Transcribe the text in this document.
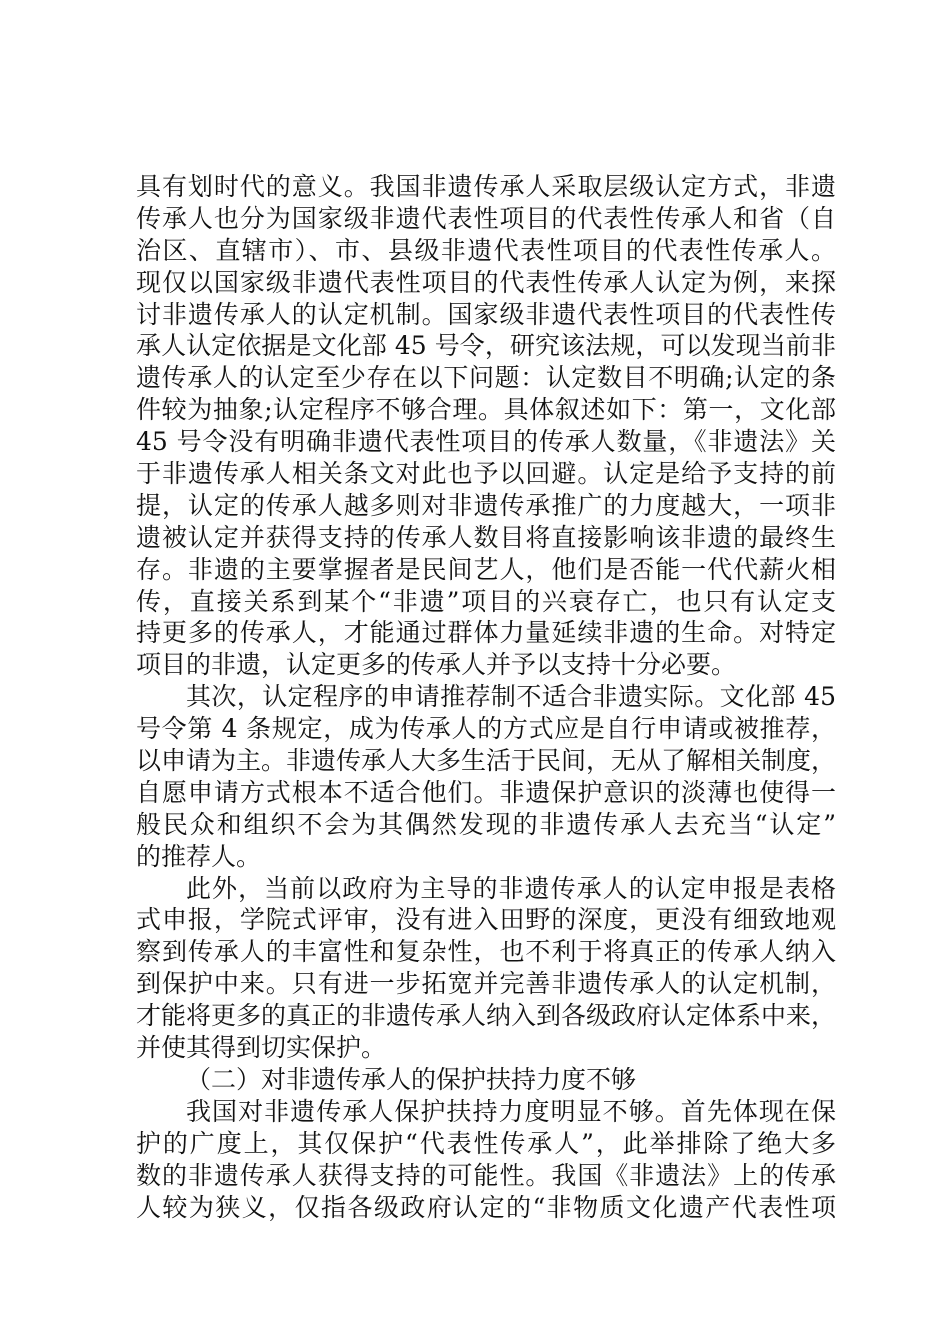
具有划时代的意义。我国非遗传承人采取层级认定方式，非遗
传承人也分为国家级非遗代表性项目的代表性传承人和省（自
治区、直辖市）、市、县级非遗代表性项目的代表性传承人。
现仅以国家级非遗代表性项目的代表性传承人认定为例，来探
讨非遗传承人的认定机制。国家级非遗代表性项目的代表性传
承人认定依据是文化部 45 号令，研究该法规，可以发现当前非
遗传承人的认定至少存在以下问题：认定数目不明确;认定的条
件较为抽象;认定程序不够合理。具体叙述如下：第一，文化部
45 号令没有明确非遗代表性项目的传承人数量，《非遗法》关
于非遗传承人相关条文对此也予以回避。认定是给予支持的前
提，认定的传承人越多则对非遗传承推广的力度越大，一项非
遗被认定并获得支持的传承人数目将直接影响该非遗的最终生
存。非遗的主要掌握者是民间艺人，他们是否能一代代薪火相
传，直接关系到某个“非遗”项目的兴衰存亡，也只有认定支
持更多的传承人，才能通过群体力量延续非遗的生命。对特定
项目的非遗，认定更多的传承人并予以支持十分必要。
其次，认定程序的申请推荐制不适合非遗实际。文化部 45
号令第 4 条规定，成为传承人的方式应是自行申请或被推荐，
以申请为主。非遗传承人大多生活于民间，无从了解相关制度，
自愿申请方式根本不适合他们。非遗保护意识的淡薄也使得一
般民众和组织不会为其偶然发现的非遗传承人去充当“认定”
的推荐人。
此外，当前以政府为主导的非遗传承人的认定申报是表格
式申报，学院式评审，没有进入田野的深度，更没有细致地观
察到传承人的丰富性和复杂性，也不利于将真正的传承人纳入
到保护中来。只有进一步拓宽并完善非遗传承人的认定机制，
才能将更多的真正的非遗传承人纳入到各级政府认定体系中来，
并使其得到切实保护。
（二）对非遗传承人的保护扶持力度不够
我国对非遗传承人保护扶持力度明显不够。首先体现在保
护的广度上，其仅保护“代表性传承人”，此举排除了绝大多
数的非遗传承人获得支持的可能性。我国《非遗法》上的传承
人较为狭义，仅指各级政府认定的“非物质文化遗产代表性项
